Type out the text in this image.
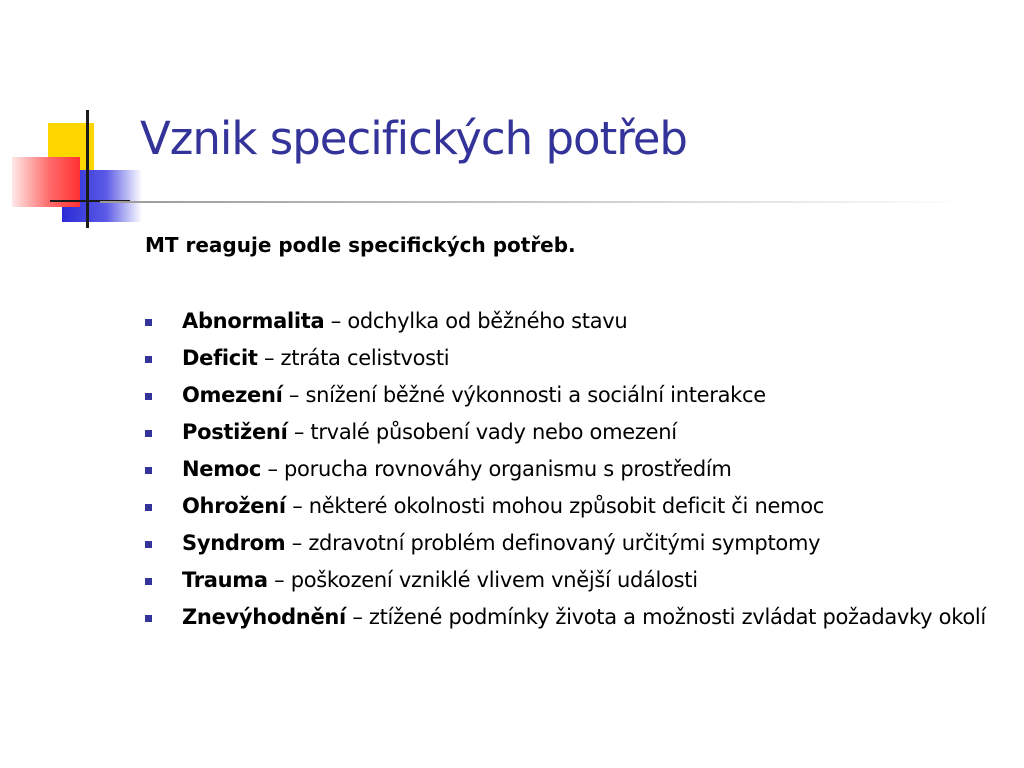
Vznik specifických potřeb

MT reaguje podle specifických potřeb.

Abnormalita – odchylka od běžného stavu
Deficit – ztráta celistvosti
Omezení – snížení běžné výkonnosti a sociální interakce
Postižení – trvalé působení vady nebo omezení
Nemoc – porucha rovnováhy organismu s prostředím
Ohrožení – některé okolnosti mohou způsobit deficit či nemoc
Syndrom – zdravotní problém definovaný určitými symptomy
Trauma – poškození vzniklé vlivem vnější události
Znevýhodnění – ztížené podmínky života a možnosti zvládat požadavky okolí
